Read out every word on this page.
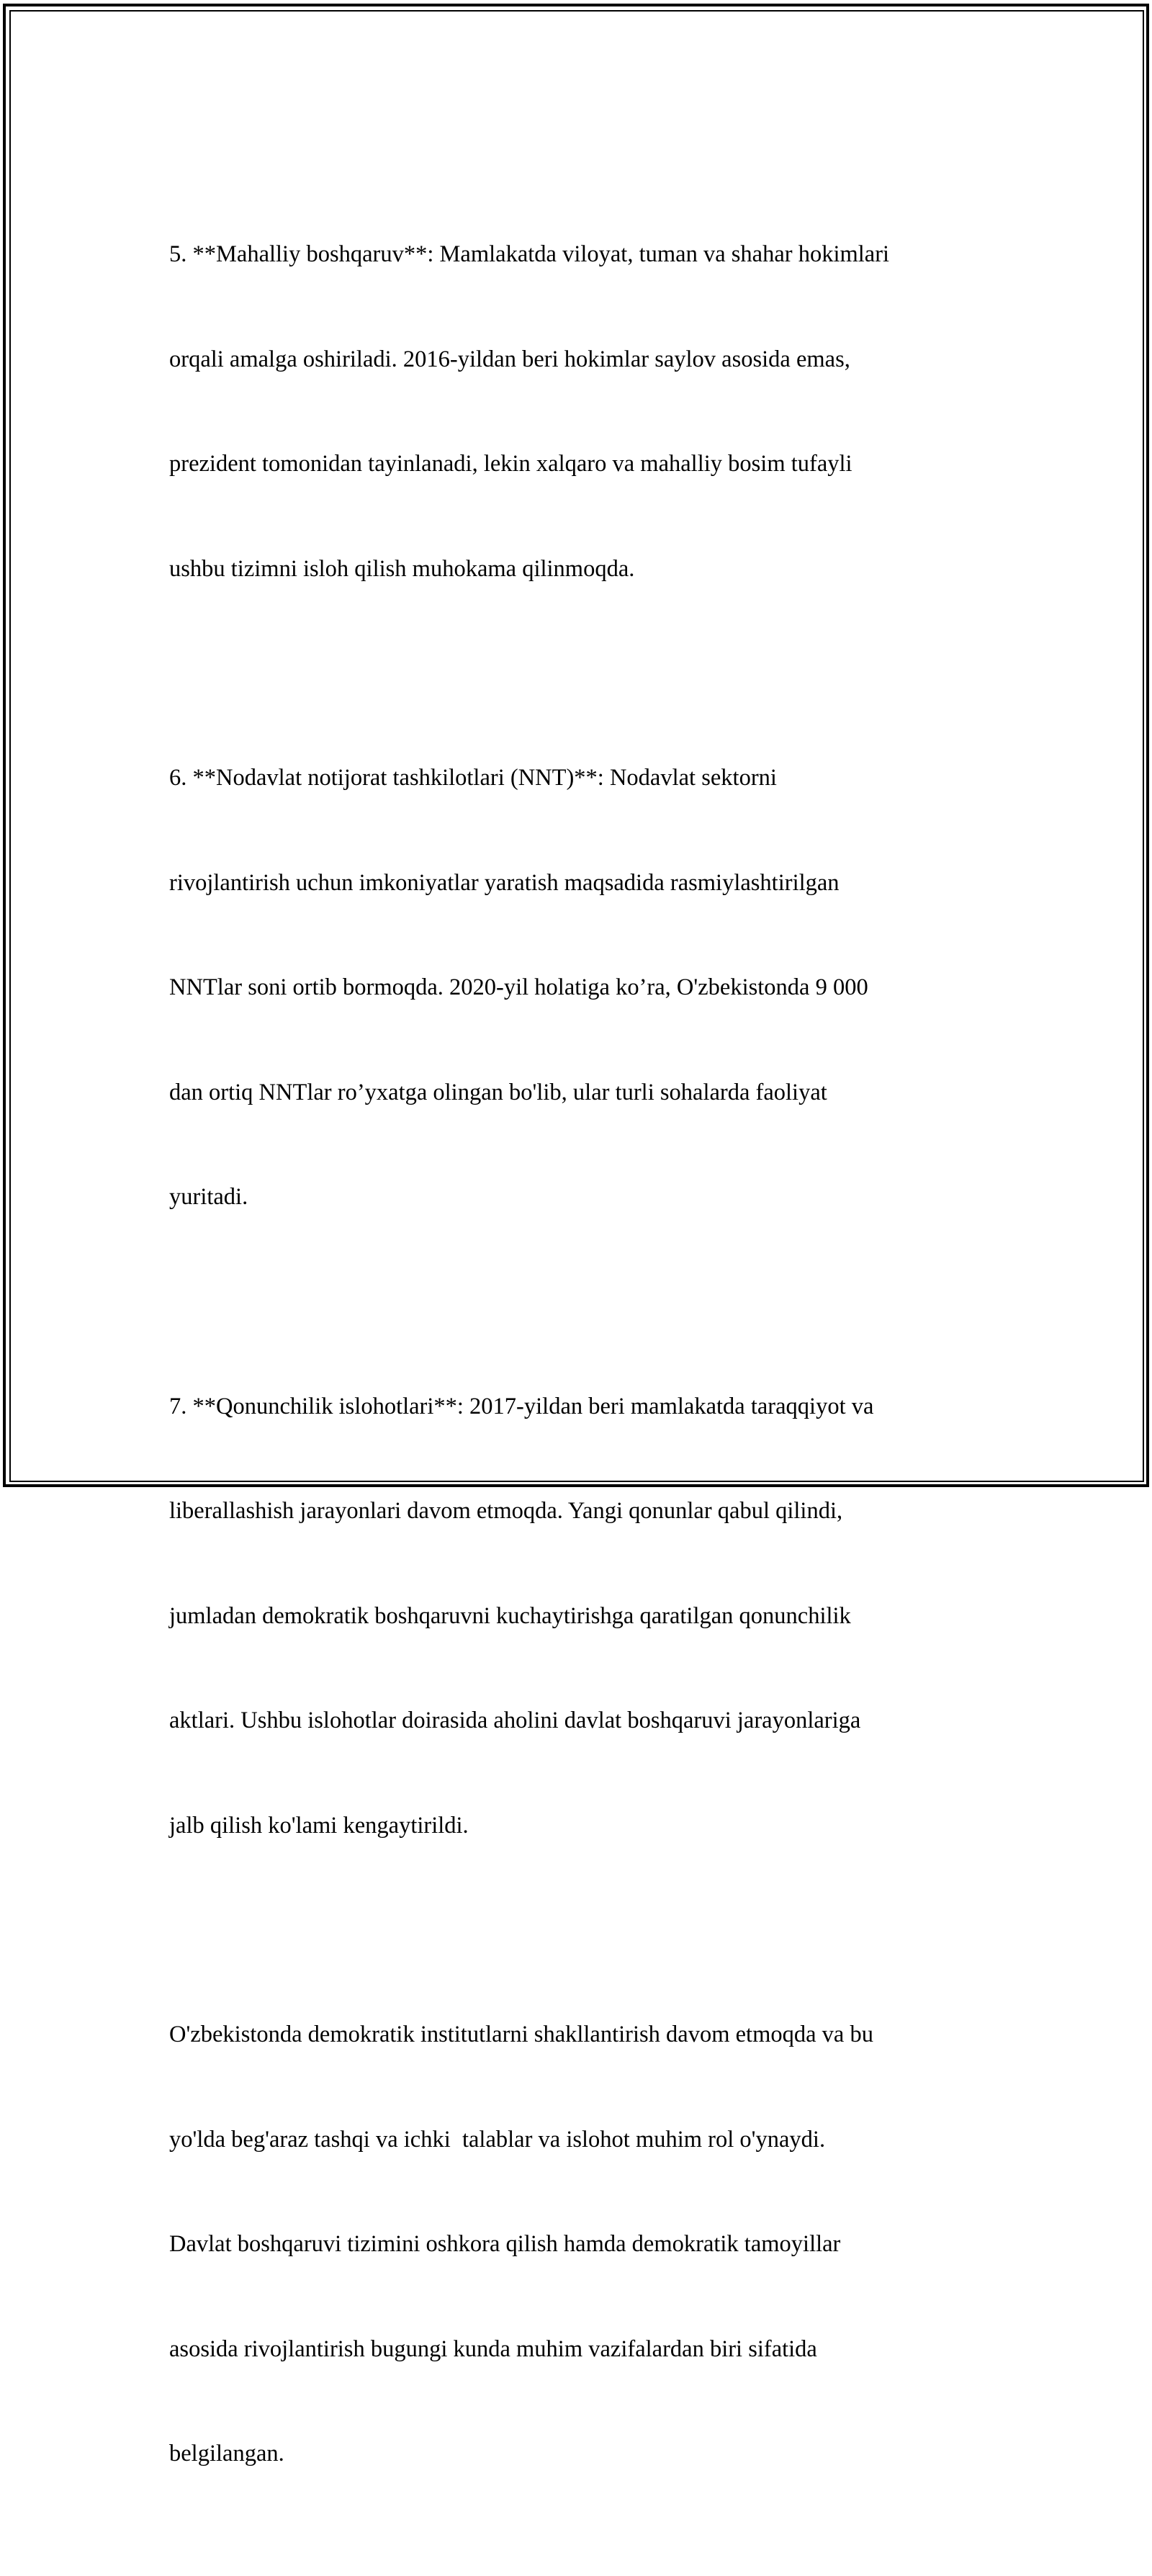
5. **Mahalliy boshqaruv**: Mamlakatda viloyat, tuman va shahar hokimlari

orqali amalga oshiriladi. 2016-yildan beri hokimlar saylov asosida emas,

prezident tomonidan tayinlanadi, lekin xalqaro va mahalliy bosim tufayli

ushbu tizimni isloh qilish muhokama qilinmoqda.

6. **Nodavlat notijorat tashkilotlari (NNT)**: Nodavlat sektorni

rivojlantirish uchun imkoniyatlar yaratish maqsadida rasmiylashtirilgan

NNTlar soni ortib bormoqda. 2020-yil holatiga ko’ra, O'zbekistonda 9 000

dan ortiq NNTlar ro’yxatga olingan bo'lib, ular turli sohalarda faoliyat

yuritadi.

7. **Qonunchilik islohotlari**: 2017-yildan beri mamlakatda taraqqiyot va

liberallashish jarayonlari davom etmoqda. Yangi qonunlar qabul qilindi,

jumladan demokratik boshqaruvni kuchaytirishga qaratilgan qonunchilik

aktlari. Ushbu islohotlar doirasida aholini davlat boshqaruvi jarayonlariga

jalb qilish ko'lami kengaytirildi.

O'zbekistonda demokratik institutlarni shakllantirish davom etmoqda va bu

yo'lda beg'araz tashqi va ichki  talablar va islohot muhim rol o'ynaydi.

Davlat boshqaruvi tizimini oshkora qilish hamda demokratik tamoyillar

asosida rivojlantirish bugungi kunda muhim vazifalardan biri sifatida

belgilangan.
